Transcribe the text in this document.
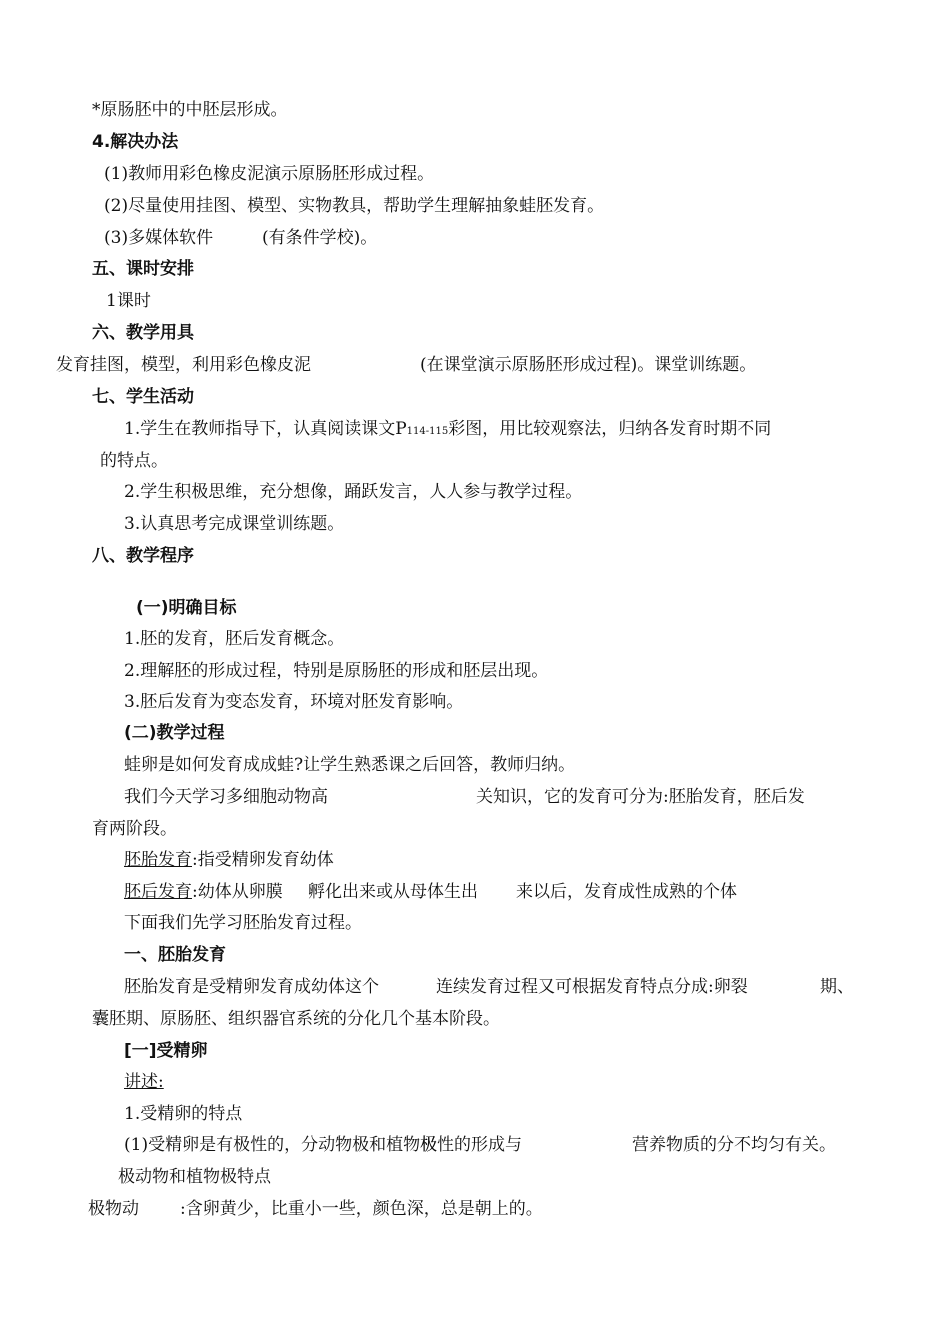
*原肠胚中的中胚层形成。
4.解决办法
(1)教师用彩色橡皮泥演示原肠胚形成过程。
(2)尽量使用挂图、模型、实物教具，帮助学生理解抽象蛙胚发育。
(3)多媒体软件	(有条件学校)。
五、课时安排
1课时
六、教学用具
发育挂图，模型，利用彩色橡皮泥	(在课堂演示原肠胚形成过程)。课堂训练题。
七、学生活动
1.学生在教师指导下，认真阅读课文P114-115彩图，用比较观察法，归纳各发育时期不同
的特点。
2.学生积极思维，充分想像，踊跃发言，人人参与教学过程。
3.认真思考完成课堂训练题。
八、教学程序
(一)明确目标
1.胚的发育，胚后发育概念。
2.理解胚的形成过程，特别是原肠胚的形成和胚层出现。
3.胚后发育为变态发育，环境对胚发育影响。
(二)教学过程
蛙卵是如何发育成成蛙?让学生熟悉课之后回答，教师归纳。
我们今天学习多细胞动物高	关知识，它的发育可分为:胚胎发育，胚后发
育两阶段。
胚胎发育:指受精卵发育幼体
胚后发育:幼体从卵膜 孵化出来或从母体生出 来以后，发育成性成熟的个体
下面我们先学习胚胎发育过程。
一、胚胎发育
胚胎发育是受精卵发育成幼体这个	连续发育过程又可根据发育特点分成:卵裂	期、
囊胚期、原肠胚、组织器官系统的分化几个基本阶段。
[一]受精卵
讲述:
1.受精卵的特点
(1)受精卵是有极性的，分动物极和植物极
极性的形成与	营养物质的分不均匀有关。
极动物和植物极特点
极物动 :含卵黄少，比重小一些，颜色深，总是朝上的。
